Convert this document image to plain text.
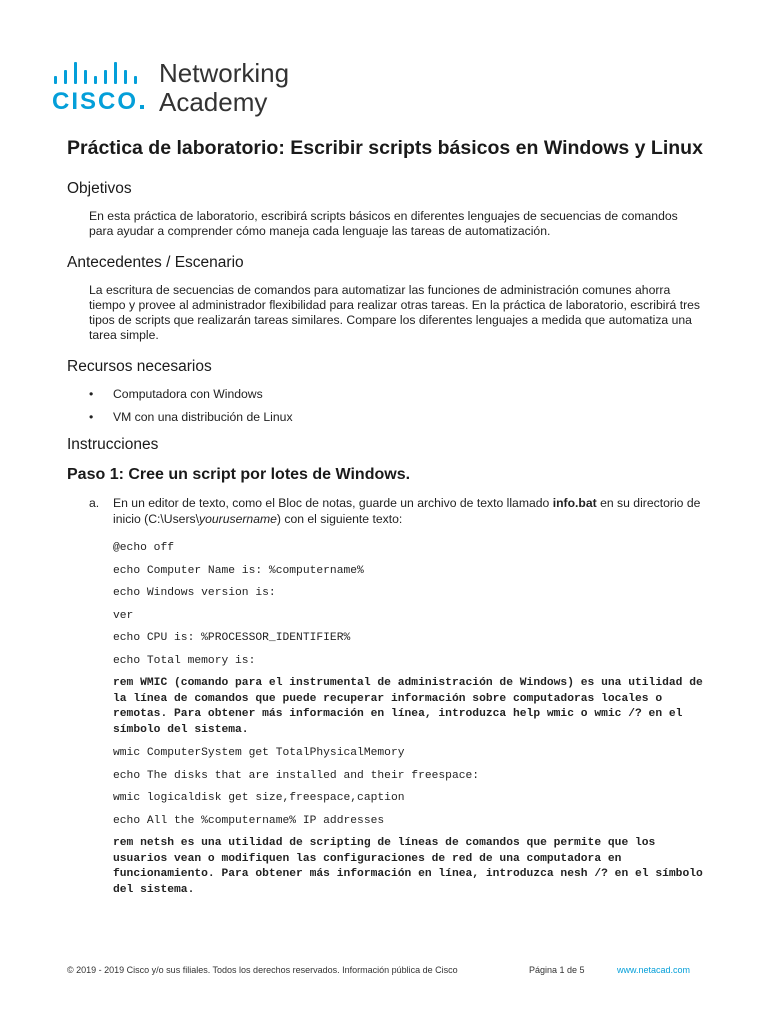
CISCO
Networking
Academy
Práctica de laboratorio: Escribir scripts básicos en Windows y Linux
Objetivos

En esta práctica de laboratorio, escribirá scripts básicos en diferentes lenguajes de secuencias de comandos para ayudar a comprender cómo maneja cada lenguaje las tareas de automatización.

Antecedentes / Escenario

La escritura de secuencias de comandos para automatizar las funciones de administración comunes ahorra tiempo y provee al administrador flexibilidad para realizar otras tareas. En la práctica de laboratorio, escribirá tres tipos de scripts que realizarán tareas similares. Compare los diferentes lenguajes a medida que automatiza una tarea simple.

Recursos necesarios
• Computadora con Windows
• VM con una distribución de Linux
Instrucciones
Paso 1: Cree un script por lotes de Windows.
a. En un editor de texto, como el Bloc de notas, guarde un archivo de texto llamado info.bat en su directorio de inicio (C:\Users\yourusername) con el siguiente texto:
@echo off
echo Computer Name is: %computername%
echo Windows version is:
ver
echo CPU is: %PROCESSOR_IDENTIFIER%
echo Total memory is:
rem WMIC (comando para el instrumental de administración de Windows) es una utilidad de la línea de comandos que puede recuperar información sobre computadoras locales o remotas. Para obtener más información en línea, introduzca help wmic o wmic /? en el símbolo del sistema.
wmic ComputerSystem get TotalPhysicalMemory
echo The disks that are installed and their freespace:
wmic logicaldisk get size,freespace,caption
echo All the %computername% IP addresses
rem netsh es una utilidad de scripting de líneas de comandos que permite que los usuarios vean o modifiquen las configuraciones de red de una computadora en funcionamiento. Para obtener más información en línea, introduzca nesh /? en el símbolo del sistema.
© 2019 - 2019 Cisco y/o sus filiales. Todos los derechos reservados. Información pública de Cisco	Página 1 de 5	www.netacad.com
